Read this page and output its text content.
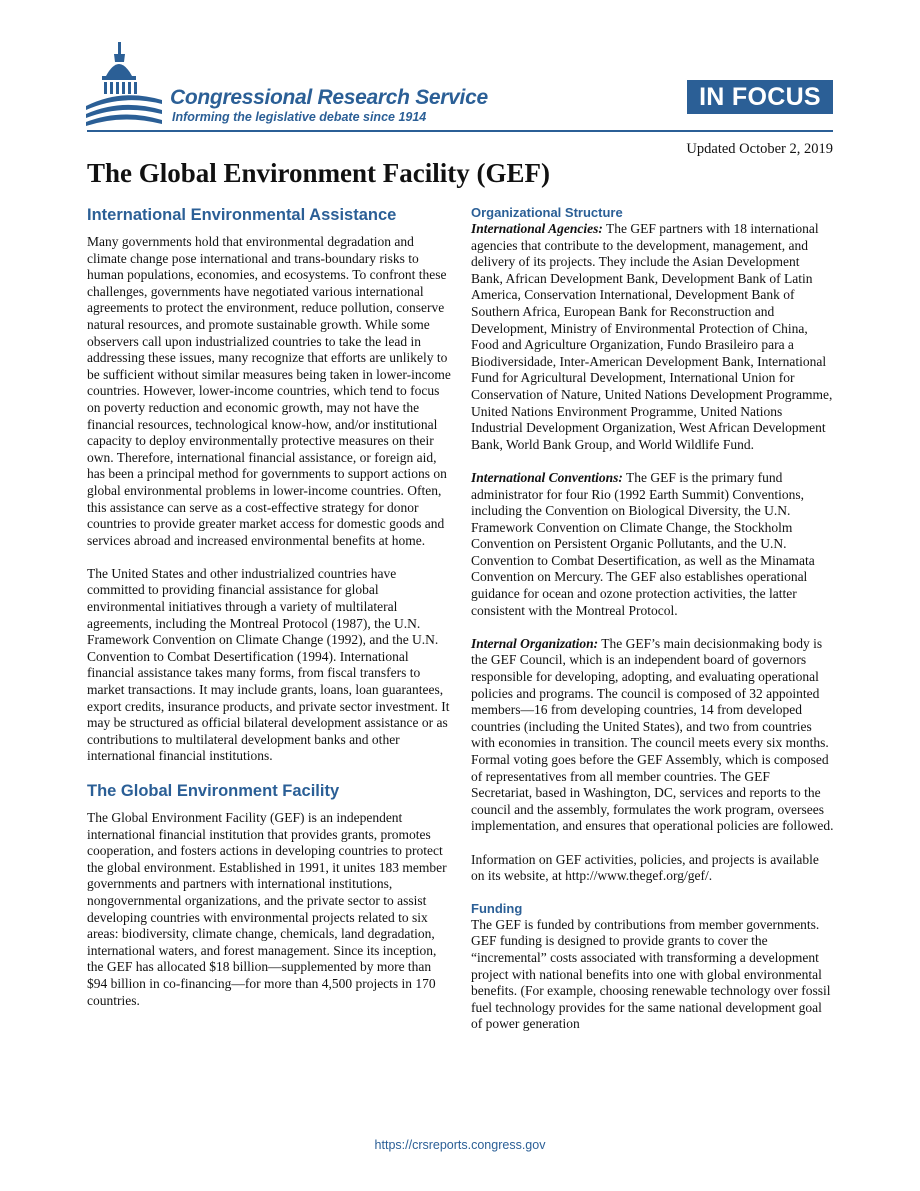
Congressional Research Service

Informing the legislative debate since 1914

IN FOCUS
Updated October 2, 2019
The Global Environment Facility (GEF)
International Environmental Assistance

Many governments hold that environmental degradation and climate change pose international and trans-boundary risks to human populations, economies, and ecosystems. To confront these challenges, governments have negotiated various international agreements to protect the environment, reduce pollution, conserve natural resources, and promote sustainable growth. While some observers call upon industrialized countries to take the lead in addressing these issues, many recognize that efforts are unlikely to be sufficient without similar measures being taken in lower-income countries. However, lower-income countries, which tend to focus on poverty reduction and economic growth, may not have the financial resources, technological know-how, and/or institutional capacity to deploy environmentally protective measures on their own. Therefore, international financial assistance, or foreign aid, has been a principal method for governments to support actions on global environmental problems in lower-income countries. Often, this assistance can serve as a cost-effective strategy for donor countries to provide greater market access for domestic goods and services abroad and increased environmental benefits at home.

The United States and other industrialized countries have committed to providing financial assistance for global environmental initiatives through a variety of multilateral agreements, including the Montreal Protocol (1987), the U.N. Framework Convention on Climate Change (1992), and the U.N. Convention to Combat Desertification (1994). International financial assistance takes many forms, from fiscal transfers to market transactions. It may include grants, loans, loan guarantees, export credits, insurance products, and private sector investment. It may be structured as official bilateral development assistance or as contributions to multilateral development banks and other international financial institutions.

The Global Environment Facility

The Global Environment Facility (GEF) is an independent international financial institution that provides grants, promotes cooperation, and fosters actions in developing countries to protect the global environment. Established in 1991, it unites 183 member governments and partners with international institutions, nongovernmental organizations, and the private sector to assist developing countries with environmental projects related to six areas: biodiversity, climate change, chemicals, land degradation, international waters, and forest management. Since its inception, the GEF has allocated $18 billion—supplemented by more than $94 billion in co-financing—for more than 4,500 projects in 170 countries.

Organizational Structure

International Agencies: The GEF partners with 18 international agencies that contribute to the development, management, and delivery of its projects. They include the Asian Development Bank, African Development Bank, Development Bank of Latin America, Conservation International, Development Bank of Southern Africa, European Bank for Reconstruction and Development, Ministry of Environmental Protection of China, Food and Agriculture Organization, Fundo Brasileiro para a Biodiversidade, Inter-American Development Bank, International Fund for Agricultural Development, International Union for Conservation of Nature, United Nations Development Programme, United Nations Environment Programme, United Nations Industrial Development Organization, West African Development Bank, World Bank Group, and World Wildlife Fund.

International Conventions: The GEF is the primary fund administrator for four Rio (1992 Earth Summit) Conventions, including the Convention on Biological Diversity, the U.N. Framework Convention on Climate Change, the Stockholm Convention on Persistent Organic Pollutants, and the U.N. Convention to Combat Desertification, as well as the Minamata Convention on Mercury. The GEF also establishes operational guidance for ocean and ozone protection activities, the latter consistent with the Montreal Protocol.

Internal Organization: The GEF’s main decisionmaking body is the GEF Council, which is an independent board of governors responsible for developing, adopting, and evaluating operational policies and programs. The council is composed of 32 appointed members—16 from developing countries, 14 from developed countries (including the United States), and two from countries with economies in transition. The council meets every six months. Formal voting goes before the GEF Assembly, which is composed of representatives from all member countries. The GEF Secretariat, based in Washington, DC, services and reports to the council and the assembly, formulates the work program, oversees implementation, and ensures that operational policies are followed.

Information on GEF activities, policies, and projects is available on its website, at http://www.thegef.org/gef/.

Funding

The GEF is funded by contributions from member governments. GEF funding is designed to provide grants to cover the “incremental” costs associated with transforming a development project with national benefits into one with global environmental benefits. (For example, choosing renewable technology over fossil fuel technology provides for the same national development goal of power generation

https://crsreports.congress.gov
